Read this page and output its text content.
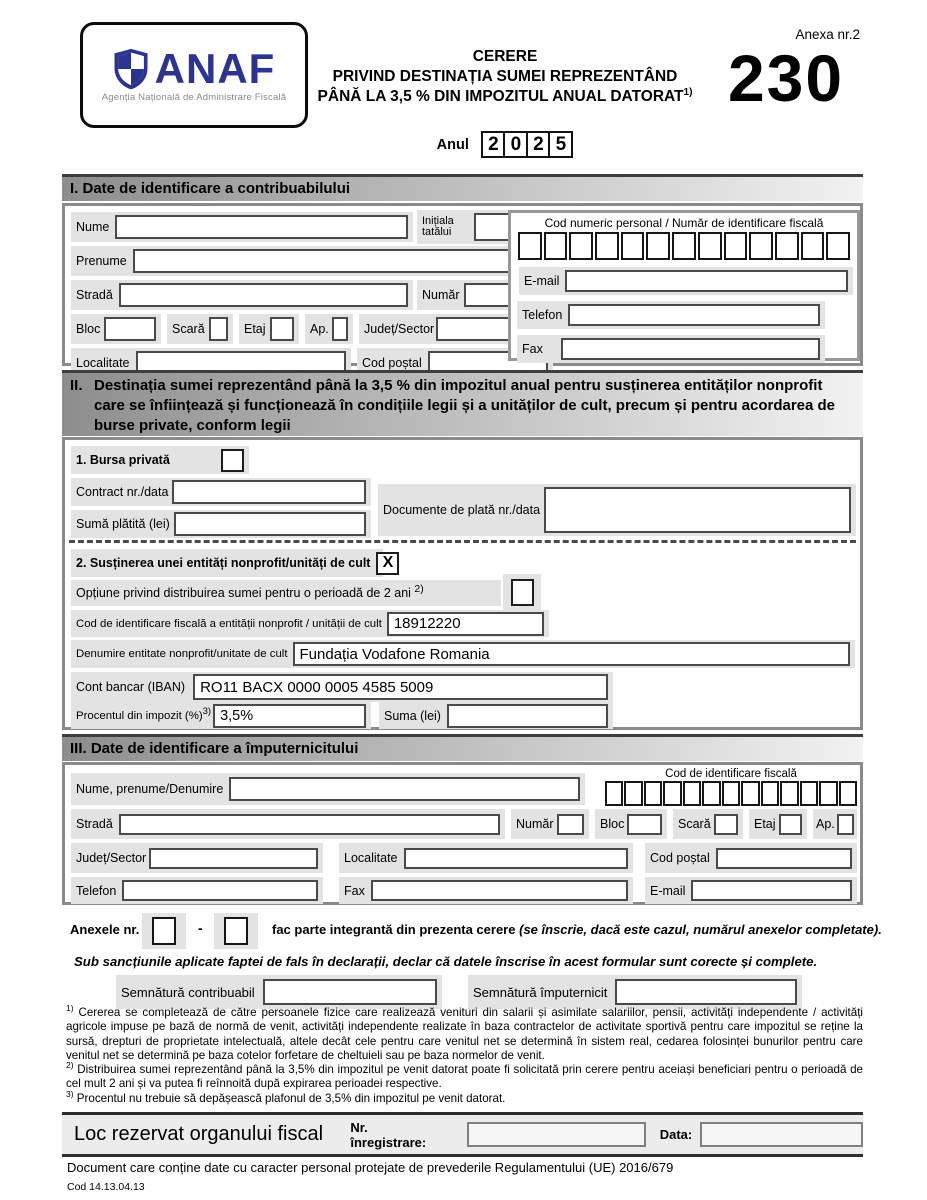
ANAF
Agenția Națională de Administrare Fiscală
CERERE
PRIVIND DESTINAȚIA SUMEI REPREZENTÂND
PÂNĂ LA 3,5 % DIN IMPOZITUL ANUAL DATORAT$^{1)}$
Anexa nr.2
230
Anul	2 0 2 5
I. Date de identificare a contribuabilului
Nume	Inițiala tatălui
Prenume
Stradă	Număr
Bloc	Scară	Etaj	Ap.	Județ/Sector
Localitate	Cod poștal
Cod numeric personal / Număr de identificare fiscală
E-mail
Telefon
Fax
II. Destinația sumei reprezentând până la 3,5 % din impozitul anual pentru susținerea entităților nonprofit care se înființează și funcționează în condițiile legii și a unităților de cult, precum și pentru acordarea de burse private, conform legii
1. Bursa privată
Contract nr./data
Sumă plătită (lei)
Documente de plată nr./data
2. Susținerea unei entități nonprofit/unități de cult X
Opțiune privind distribuirea sumei pentru o perioadă de 2 ani $^{2)}$
Cod de identificare fiscală a entității nonprofit / unității de cult 18912220
Denumire entitate nonprofit/unitate de cult Fundația Vodafone Romania
Cont bancar (IBAN)	RO11 BACX 0000 0005 4585 5009
Procentul din impozit (%)$^{3)}$ 3,5%	Suma (lei)
III. Date de identificare a împuternicitului
Nume, prenume/Denumire
Cod de identificare fiscală
Stradă	Număr	Bloc	Scară	Etaj	Ap.
Județ/Sector	Localitate	Cod poștal
Telefon	Fax	E-mail
Anexele nr.	-	fac parte integrantă din prezenta cerere (se înscrie, dacă este cazul, numărul anexelor completate).
Sub sancțiunile aplicate faptei de fals în declarații, declar că datele înscrise în acest formular sunt corecte și complete.
Semnătură contribuabil	Semnătură împuternicit

$^{1)}$ Cererea se completează de către persoanele fizice care realizează venituri din salarii și asimilate salariilor, pensii, activități independente / activități agricole impuse pe bază de normă de venit, activități independente realizate în baza contractelor de activitate sportivă pentru care impozitul se reține la sursă, drepturi de proprietate intelectuală, altele decât cele pentru care venitul net se determină în sistem real, cedarea folosinței bunurilor pentru care venitul net se determină pe baza cotelor forfetare de cheltuieli sau pe baza normelor de venit.

$^{2)}$ Distribuirea sumei reprezentând până la 3,5% din impozitul pe venit datorat poate fi solicitată prin cerere pentru aceiași beneficiari pentru o perioadă de cel mult 2 ani și va putea fi reînnoită după expirarea perioadei respective.

$^{3)}$ Procentul nu trebuie să depășească plafonul de 3,5% din impozitul pe venit datorat.

Loc rezervat organului fiscal	Nr. înregistrare:	Data:
Document care conține date cu caracter personal protejate de prevederile Regulamentului (UE) 2016/679
Cod 14.13.04.13
